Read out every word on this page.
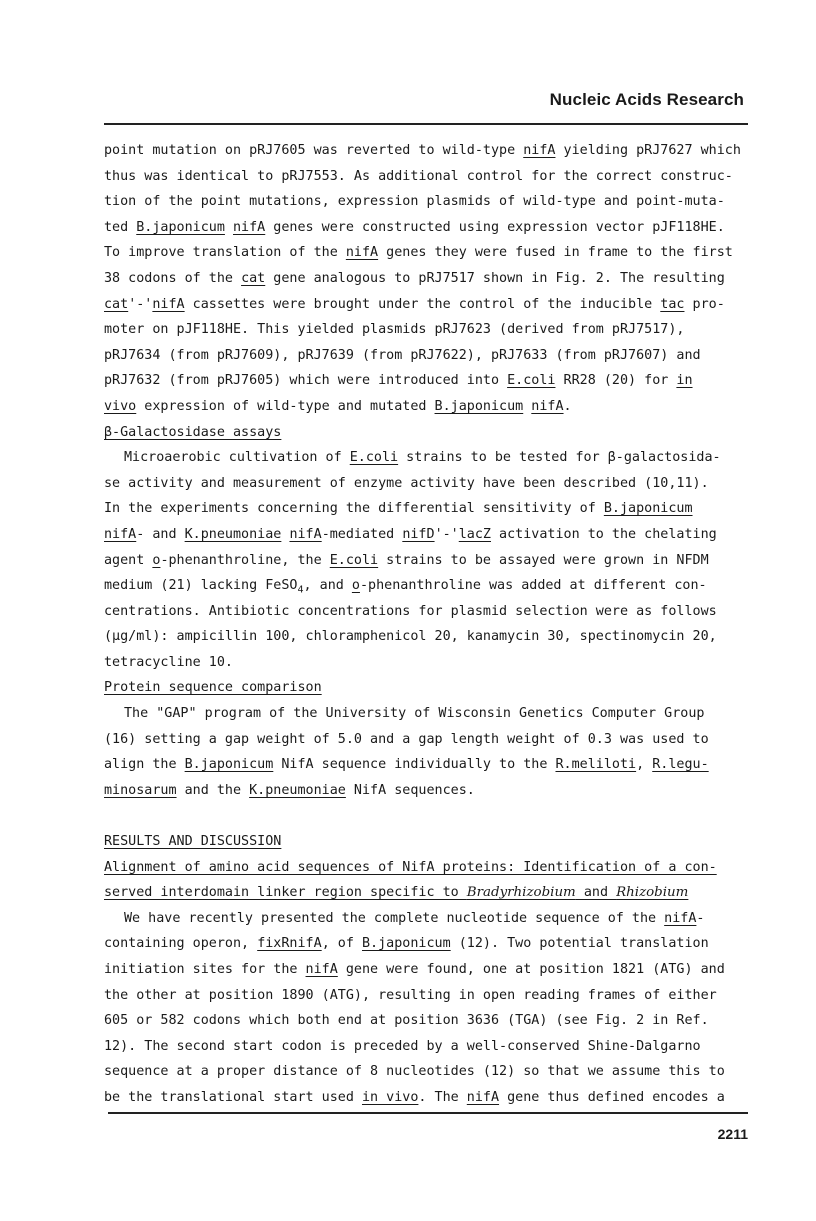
Nucleic Acids Research
point mutation on pRJ7605 was reverted to wild-type nifA yielding pRJ7627 which
thus was identical to pRJ7553. As additional control for the correct construc-
tion of the point mutations, expression plasmids of wild-type and point-muta-
ted B.japonicum nifA genes were constructed using expression vector pJF118HE.
To improve translation of the nifA genes they were fused in frame to the first
38 codons of the cat gene analogous to pRJ7517 shown in Fig. 2. The resulting
cat'-'nifA cassettes were brought under the control of the inducible tac pro-
moter on pJF118HE. This yielded plasmids pRJ7623 (derived from pRJ7517),
pRJ7634 (from pRJ7609), pRJ7639 (from pRJ7622), pRJ7633 (from pRJ7607) and
pRJ7632 (from pRJ7605) which were introduced into E.coli RR28 (20) for in
vivo expression of wild-type and mutated B.japonicum nifA.
β-Galactosidase assays
Microaerobic cultivation of E.coli strains to be tested for β-galactosida-
se activity and measurement of enzyme activity have been described (10,11).
In the experiments concerning the differential sensitivity of B.japonicum
nifA- and K.pneumoniae nifA-mediated nifD'-'lacZ activation to the chelating
agent o-phenanthroline, the E.coli strains to be assayed were grown in NFDM
medium (21) lacking FeSO$_4$, and o-phenanthroline was added at different con-
centrations. Antibiotic concentrations for plasmid selection were as follows
(μg/ml): ampicillin 100, chloramphenicol 20, kanamycin 30, spectinomycin 20,
tetracycline 10.
Protein sequence comparison
The "GAP" program of the University of Wisconsin Genetics Computer Group
(16) setting a gap weight of 5.0 and a gap length weight of 0.3 was used to
align the B.japonicum NifA sequence individually to the R.meliloti, R.legu-
minosarum and the K.pneumoniae NifA sequences.
RESULTS AND DISCUSSION
Alignment of amino acid sequences of NifA proteins: Identification of a con-
served interdomain linker region specific to Bradyrhizobium and Rhizobium
We have recently presented the complete nucleotide sequence of the nifA-
containing operon, fixRnifA, of B.japonicum (12). Two potential translation
initiation sites for the nifA gene were found, one at position 1821 (ATG) and
the other at position 1890 (ATG), resulting in open reading frames of either
605 or 582 codons which both end at position 3636 (TGA) (see Fig. 2 in Ref.
12). The second start codon is preceded by a well-conserved Shine-Dalgarno
sequence at a proper distance of 8 nucleotides (12) so that we assume this to
be the translational start used in vivo. The nifA gene thus defined encodes a
2211
